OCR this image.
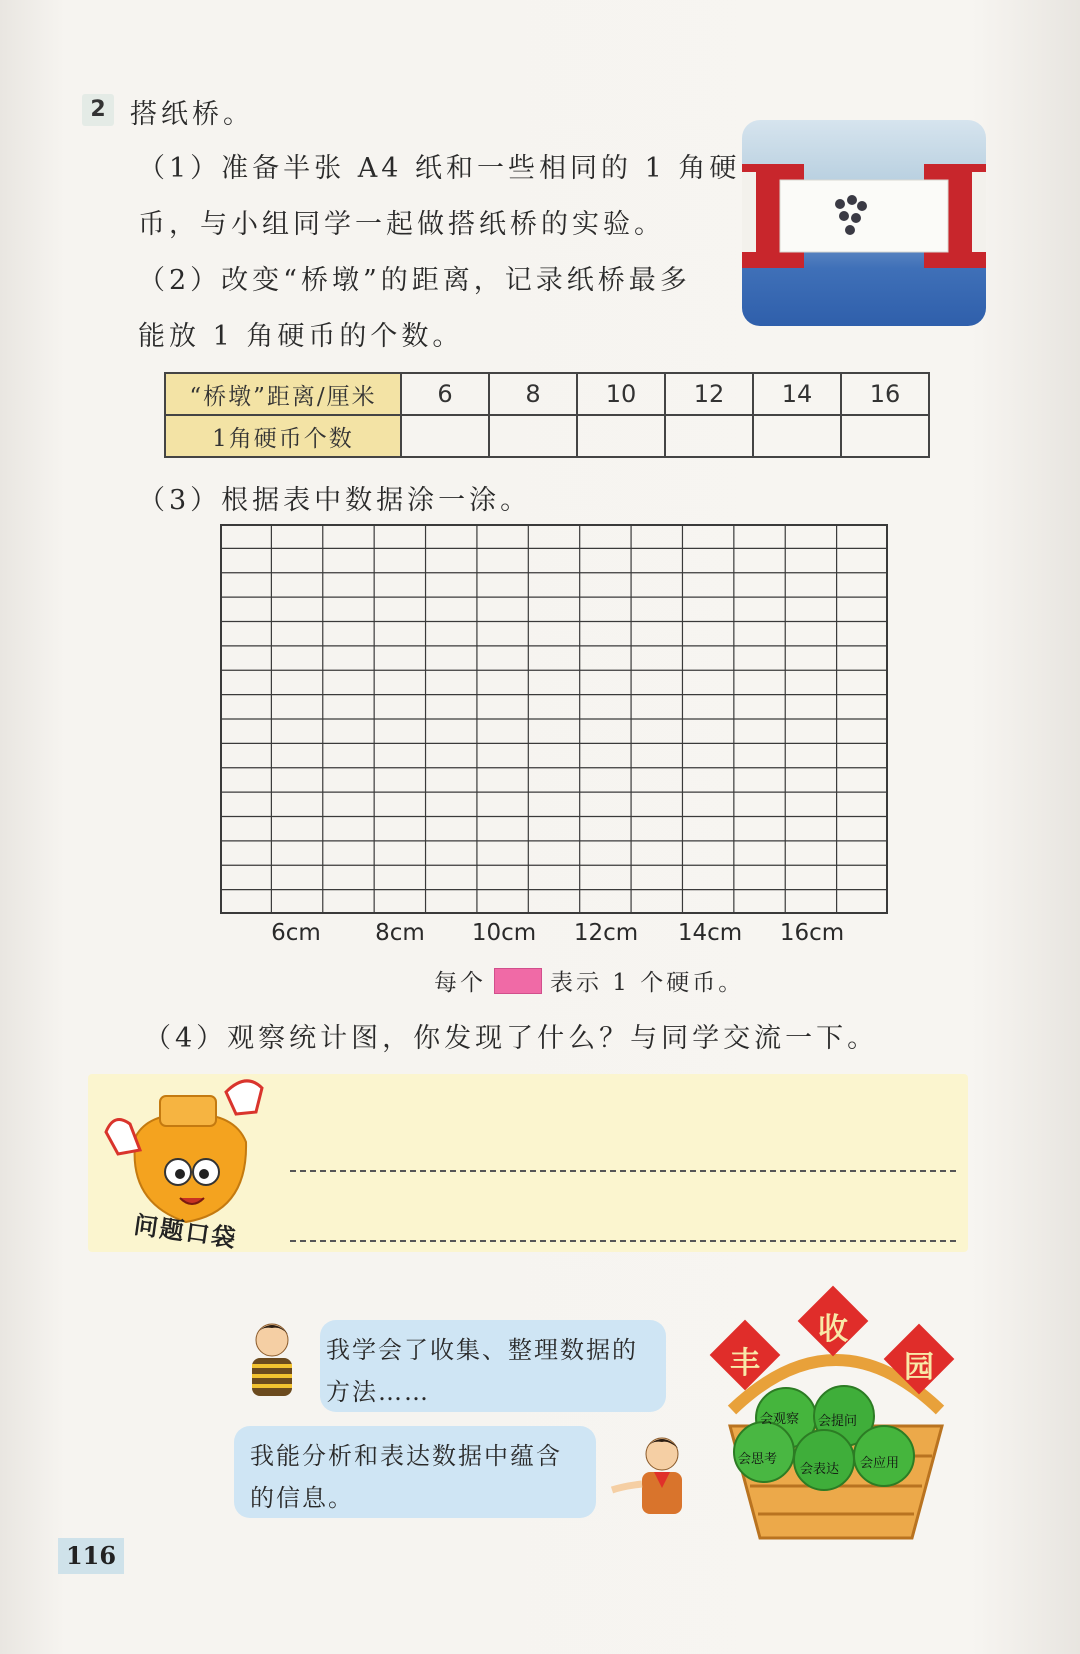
2 搭纸桥。
（1）准备半张 A4 纸和一些相同的 1 角硬
币，与小组同学一起做搭纸桥的实验。
（2）改变“桥墩”的距离，记录纸桥最多
能放 1 角硬币的个数。
“桥墩”距离/厘米	6	8	10	12	14	16
1角硬币个数						
（3）根据表中数据涂一涂。
6cm	8cm	10cm	12cm	14cm	16cm
每个	表示 1 个硬币。
（4）观察统计图，你发现了什么？与同学交流一下。
问题口袋
我学会了收集、整理数据的
方法……
我能分析和表达数据中蕴含
的信息。
丰
收
园
会观察 会提问
会思考
会表达 会应用
116
